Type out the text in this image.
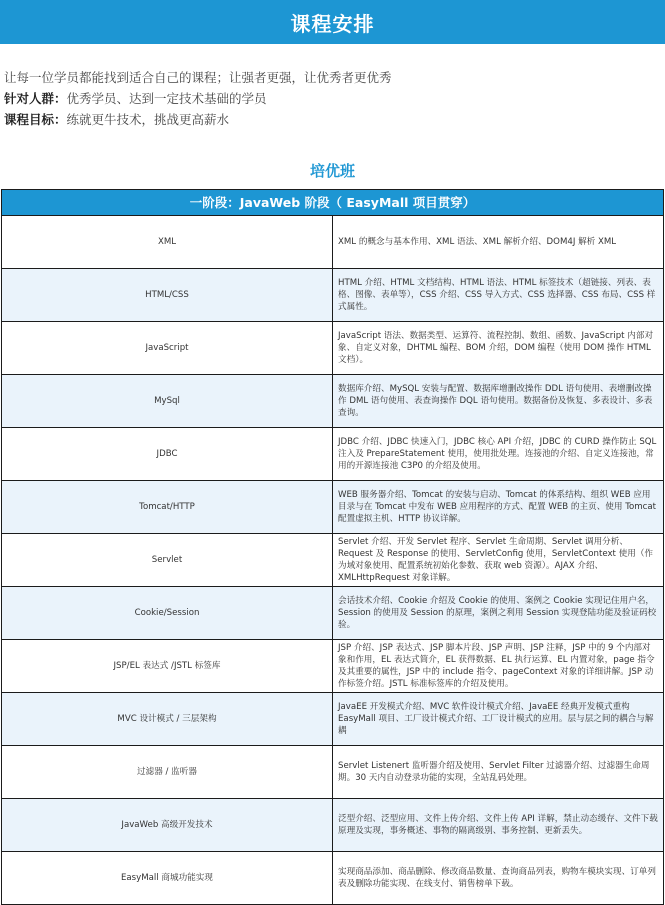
课程安排
让每一位学员都能找到适合自己的课程；让强者更强，让优秀者更优秀
针对人群：优秀学员、达到一定技术基础的学员
课程目标：练就更牛技术，挑战更高薪水
培优班
一阶段：JavaWeb 阶段（ EasyMall 项目贯穿）	
XML	XML 的概念与基本作用、XML 语法、XML 解析介绍、DOM4J 解析 XML
HTML/CSS	HTML 介绍、HTML 文档结构、HTML 语法、HTML 标签技术（超链接、列表、表格、图像、表单等），CSS 介绍、CSS 导入方式、CSS 选择器、CSS 布局、CSS 样式属性。
JavaScript	JavaScript 语法、数据类型、运算符、流程控制、数组、函数、JavaScript 内部对象、自定义对象，DHTML 编程、BOM 介绍，DOM 编程（使用 DOM 操作 HTML 文档）。
MySql	数据库介绍、MySQL 安装与配置、数据库增删改操作 DDL 语句使用、表增删改操作 DML 语句使用、表查询操作 DQL 语句使用。数据备份及恢复、多表设计、多表查询。
JDBC	JDBC 介绍、JDBC 快速入门，JDBC 核心 API 介绍，JDBC 的 CURD 操作防止 SQL 注入及 PrepareStatement 使用，使用批处理。连接池的介绍、自定义连接池，常用的开源连接池 C3P0 的介绍及使用。
Tomcat/HTTP	WEB 服务器介绍、Tomcat 的安装与启动、Tomcat 的体系结构、组织 WEB 应用目录与在 Tomcat 中发布 WEB 应用程序的方式、配置 WEB 的主页、使用 Tomcat 配置虚拟主机、HTTP 协议详解。
Servlet	Servlet 介绍、开发 Servlet 程序、Servlet 生命周期、Servlet 调用分析、Request 及 Response 的使用、ServletConfig 使用，ServletContext 使用（作为域对象使用、配置系统初始化参数、获取 web 资源）。AJAX 介绍、XMLHttpRequest 对象详解。
Cookie/Session	会话技术介绍、Cookie 介绍及 Cookie 的使用、案例之 Cookie 实现记住用户名，Session 的使用及 Session 的原理，案例之利用 Session 实现登陆功能及验证码校验。
JSP/EL 表达式 /JSTL 标签库	JSP 介绍、JSP 表达式、JSP 脚本片段、JSP 声明、JSP 注释，JSP 中的 9 个内部对象和作用，EL 表达式简介，EL 获得数据、EL 执行运算、EL 内置对象，page 指令及其重要的属性，JSP 中的 include 指令、pageContext 对象的详细讲解。JSP 动作标签介绍。JSTL 标准标签库的介绍及使用。
MVC 设计模式 / 三层架构	JavaEE 开发模式介绍、MVC 软件设计模式介绍、JavaEE 经典开发模式重构 EasyMall 项目、工厂设计模式介绍、工厂设计模式的应用。层与层之间的耦合与解耦
过滤器 / 监听器	Servlet Listenert 监听器介绍及使用、Servlet Filter 过滤器介绍、过滤器生命周期。30 天内自动登录功能的实现，全站乱码处理。
JavaWeb 高级开发技术	泛型介绍、泛型应用、文件上传介绍、文件上传 API 详解，禁止动态缓存、文件下载原理及实现，事务概述、事物的隔离级别、事务控制、更新丢失。
EasyMall 商城功能实现	实现商品添加、商品删除、修改商品数量、查询商品列表，购物车模块实现、订单列表及删除功能实现、在线支付、销售榜单下载。
